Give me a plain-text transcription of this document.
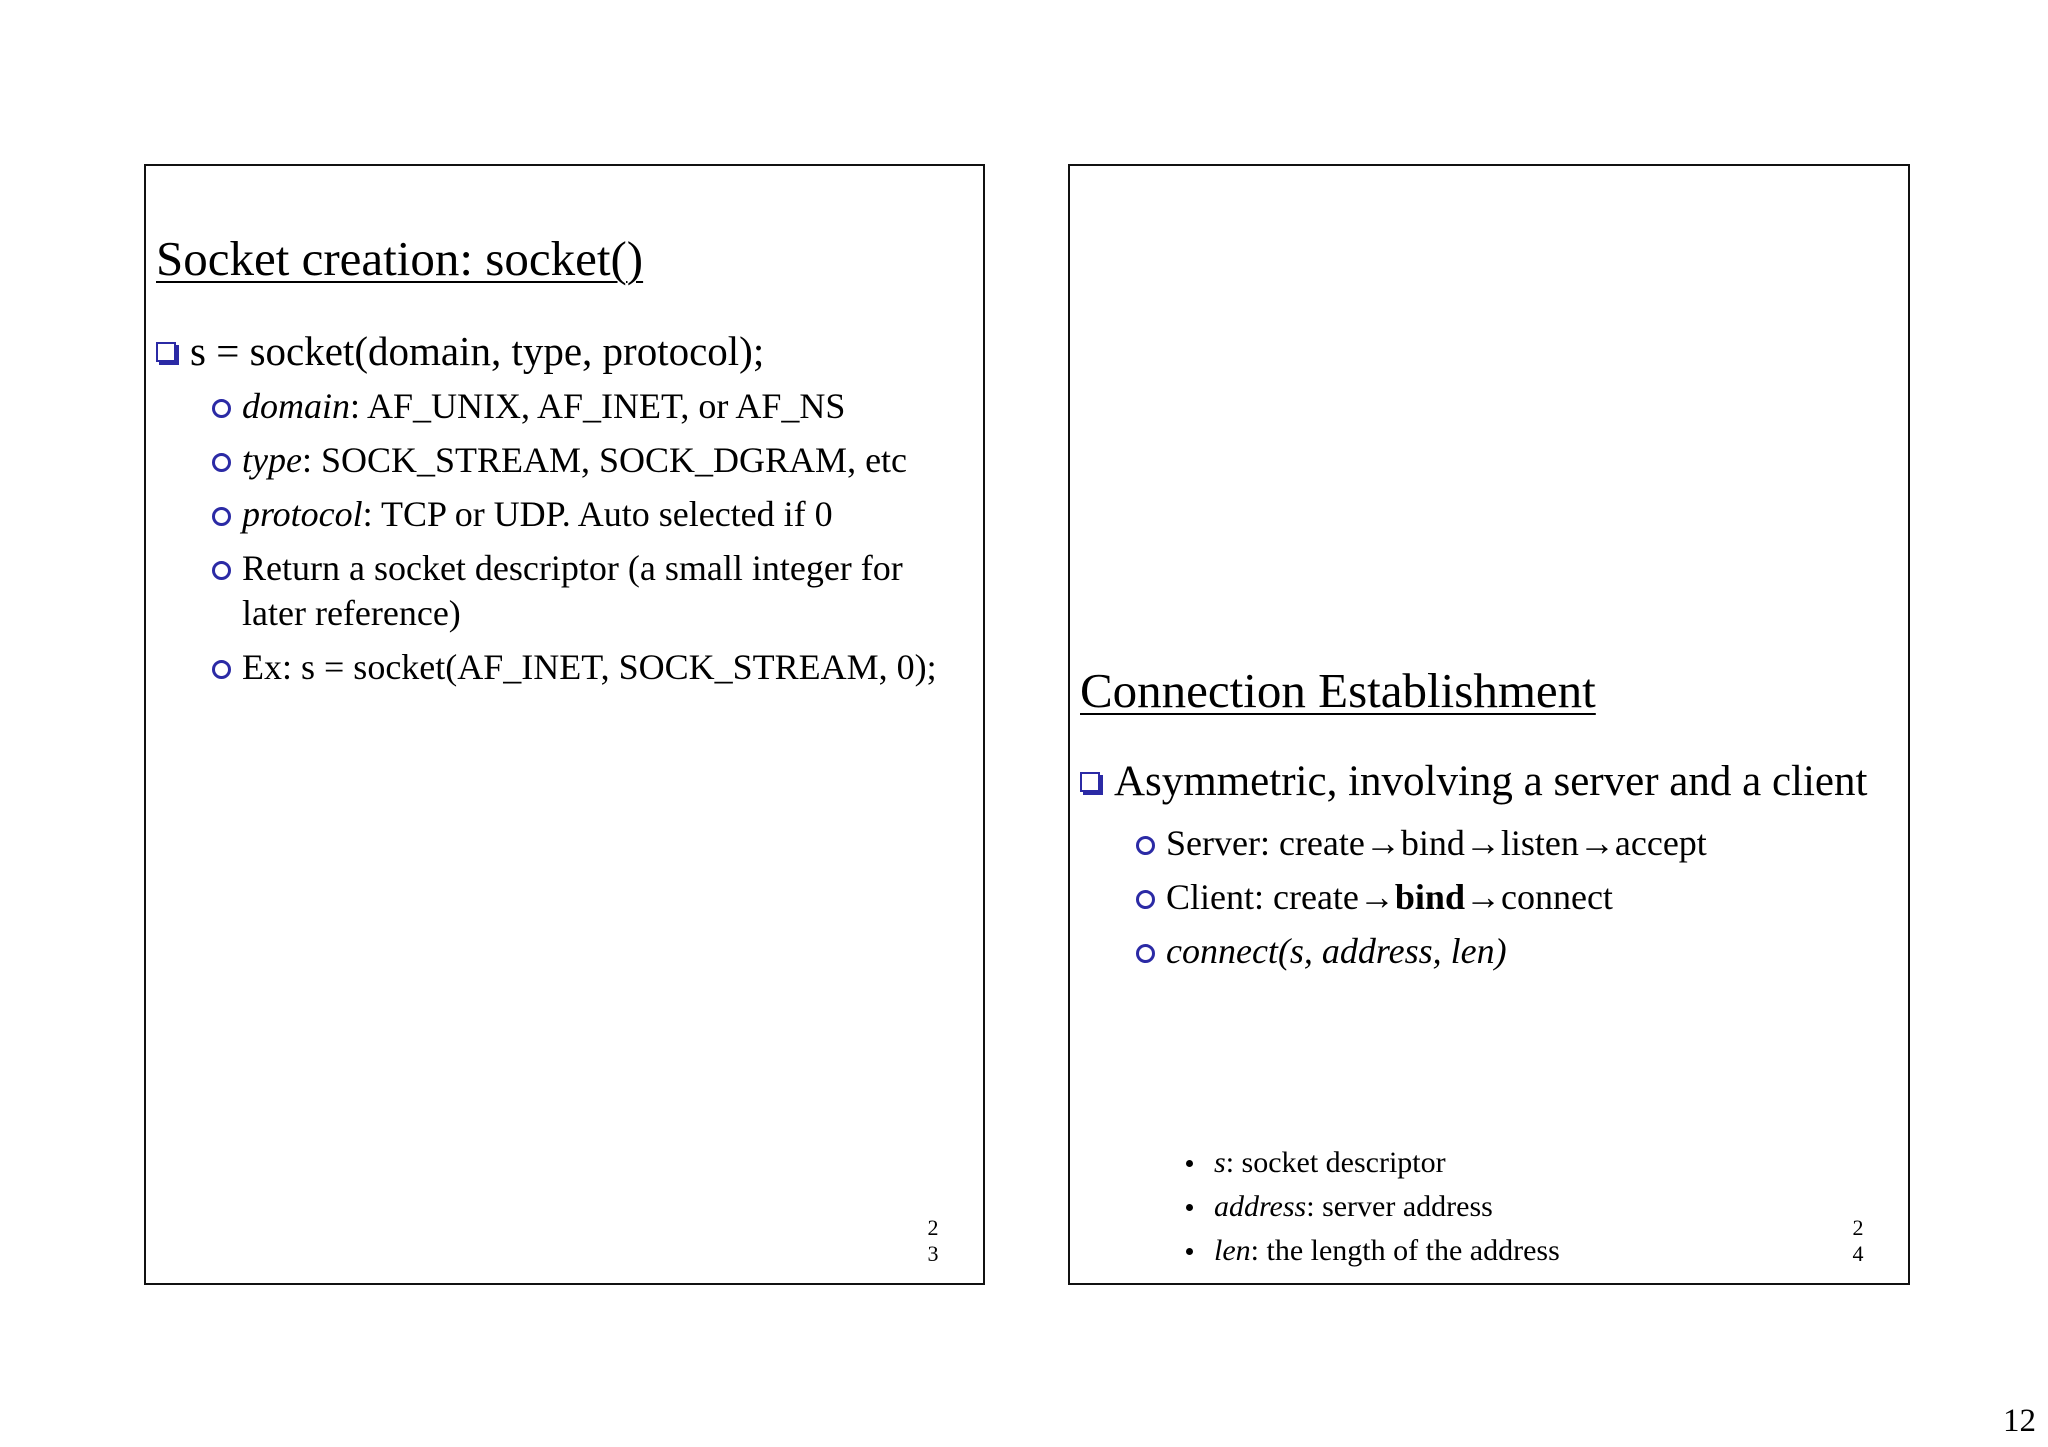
Socket creation: socket()
s = socket(domain, type, protocol);
domain: AF_UNIX, AF_INET, or AF_NS
type: SOCK_STREAM, SOCK_DGRAM, etc
protocol: TCP or UDP. Auto selected if 0
Return a socket descriptor (a small integer for later reference)
Ex: s = socket(AF_INET, SOCK_STREAM, 0);
2
3
Connection Establishment
Asymmetric, involving a server and a client
Server: create→bind→listen→accept
Client: create→bind→connect
connect(s, address, len)
s: socket descriptor
address: server address
len: the length of the address
2
4
12
